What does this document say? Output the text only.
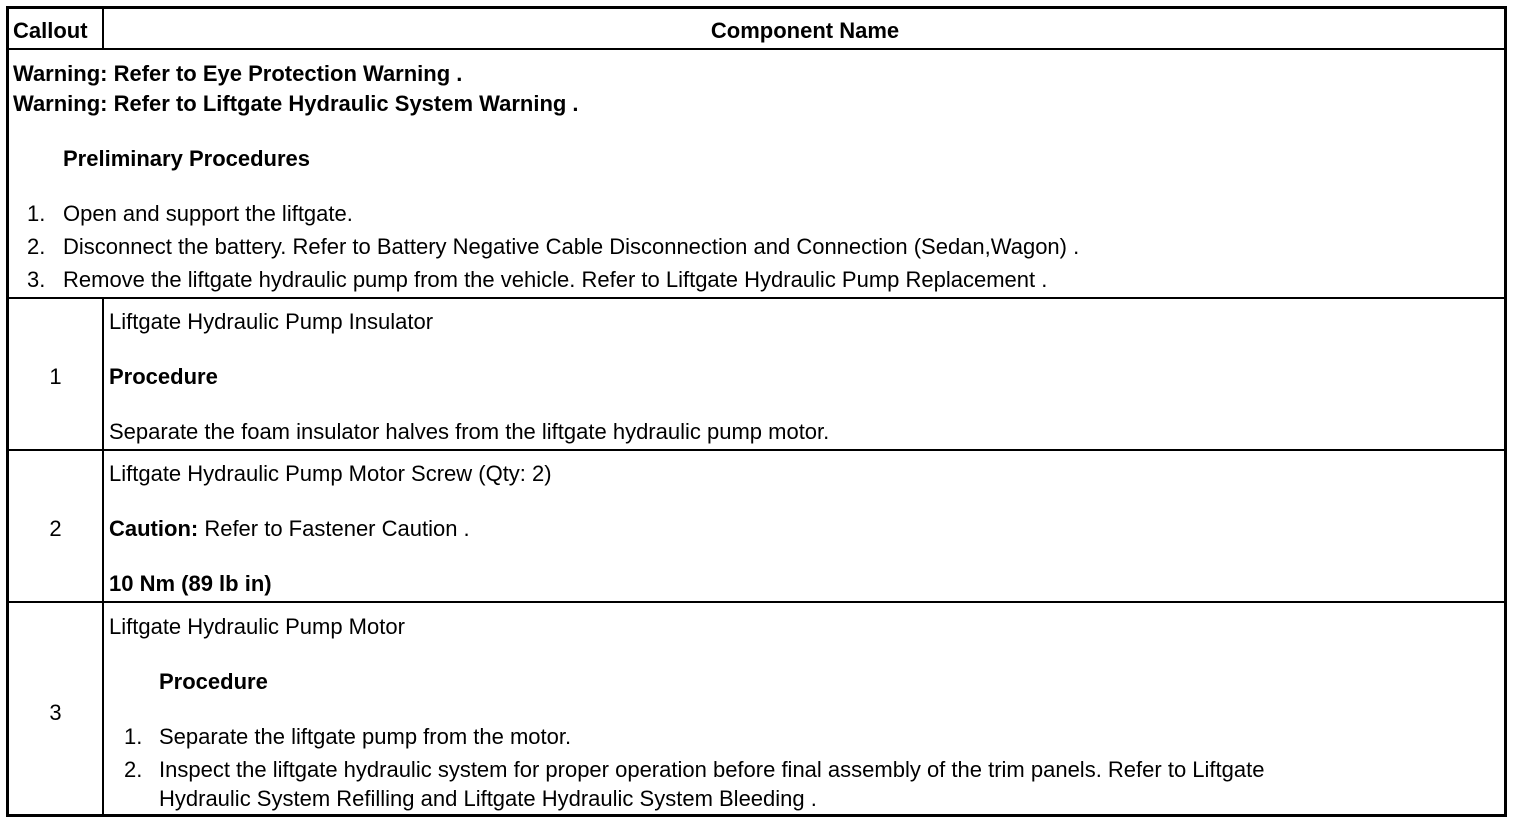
Callout	Component Name
Warning: Refer to Eye Protection Warning .
Warning: Refer to Liftgate Hydraulic System Warning .
Preliminary Procedures
1. Open and support the liftgate.
2. Disconnect the battery. Refer to Battery Negative Cable Disconnection and Connection (Sedan,Wagon) .
3. Remove the liftgate hydraulic pump from the vehicle. Refer to Liftgate Hydraulic Pump Replacement .
1
Liftgate Hydraulic Pump Insulator
Procedure
Separate the foam insulator halves from the liftgate hydraulic pump motor.
2
Liftgate Hydraulic Pump Motor Screw (Qty: 2)
Caution: Refer to Fastener Caution .
10 Nm (89 lb in)
3
Liftgate Hydraulic Pump Motor
Procedure
1. Separate the liftgate pump from the motor.
2. Inspect the liftgate hydraulic system for proper operation before final assembly of the trim panels. Refer to Liftgate
Hydraulic System Refilling and Liftgate Hydraulic System Bleeding .
